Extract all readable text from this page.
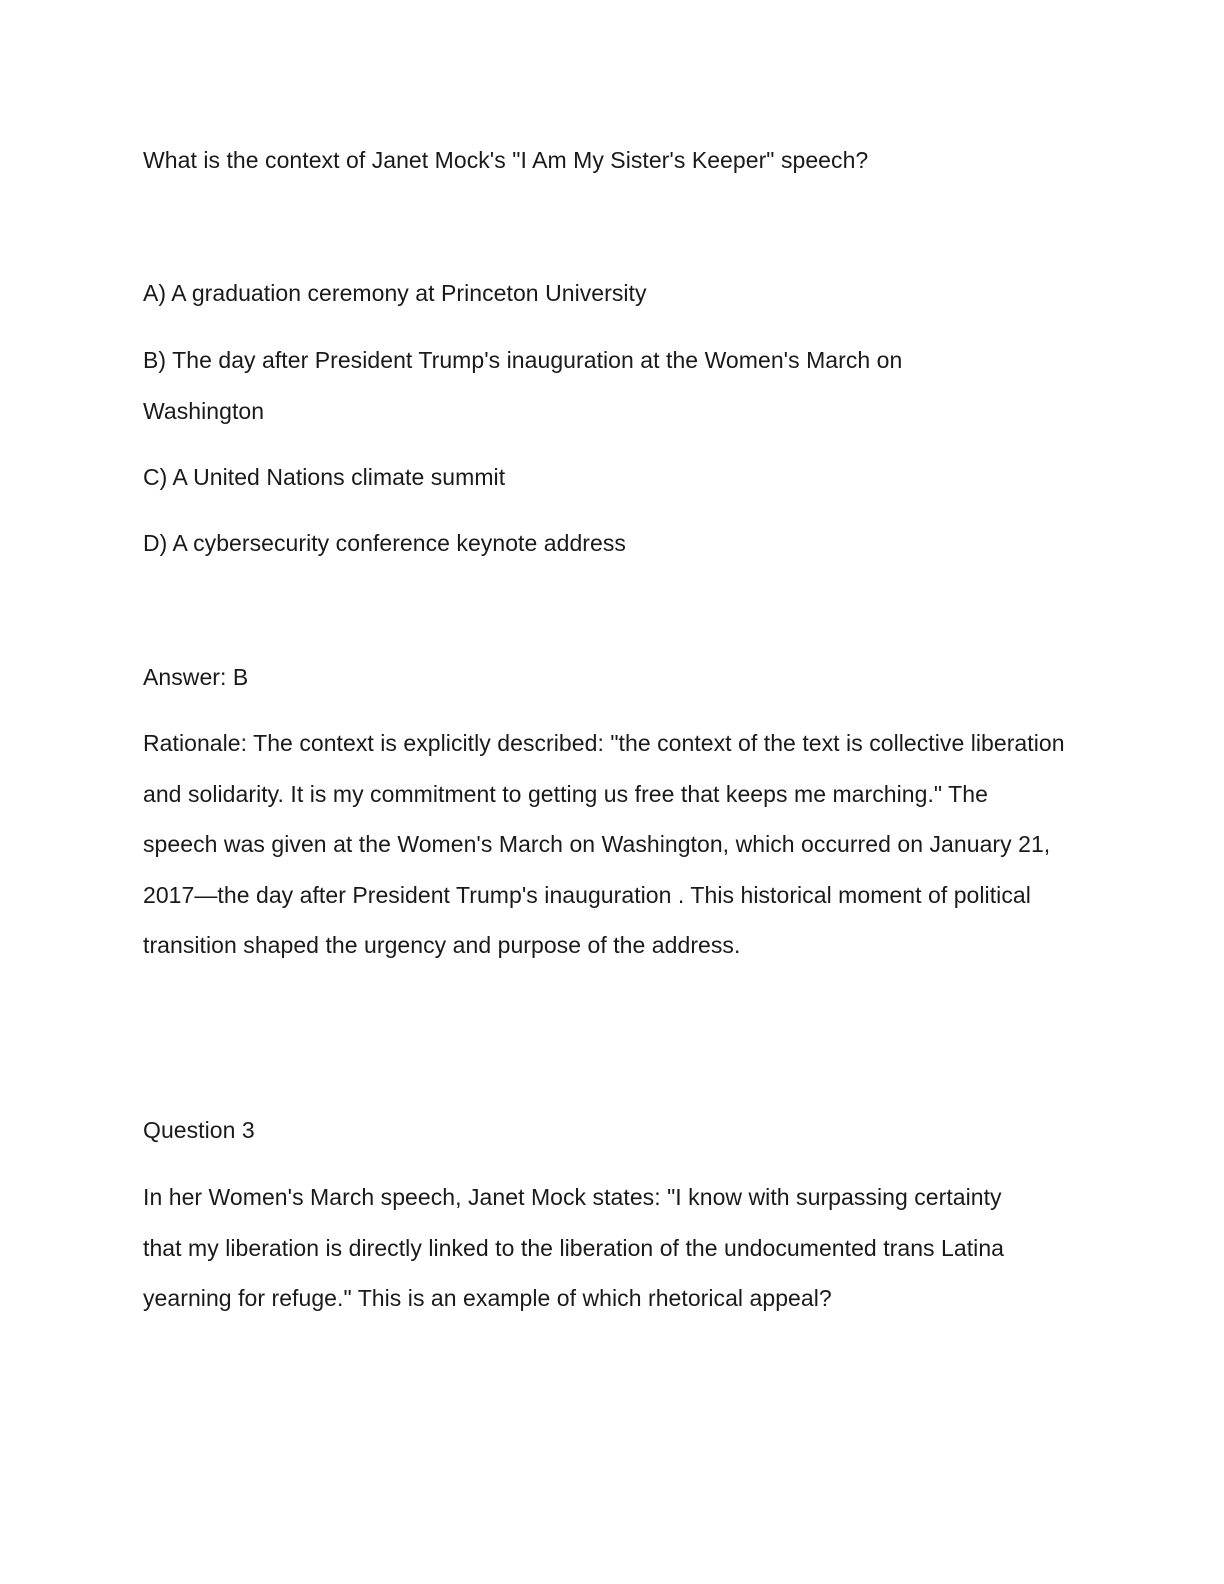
What is the context of Janet Mock's "I Am My Sister's Keeper" speech?

A) A graduation ceremony at Princeton University

B) The day after President Trump's inauguration at the Women's March on Washington

C) A United Nations climate summit

D) A cybersecurity conference keynote address

Answer: B

Rationale: The context is explicitly described: "the context of the text is collective liberation and solidarity. It is my commitment to getting us free that keeps me marching." The speech was given at the Women's March on Washington, which occurred on January 21, 2017—the day after President Trump's inauguration . This historical moment of political transition shaped the urgency and purpose of the address.

Question 3

In her Women's March speech, Janet Mock states: "I know with surpassing certainty that my liberation is directly linked to the liberation of the undocumented trans Latina yearning for refuge." This is an example of which rhetorical appeal?
